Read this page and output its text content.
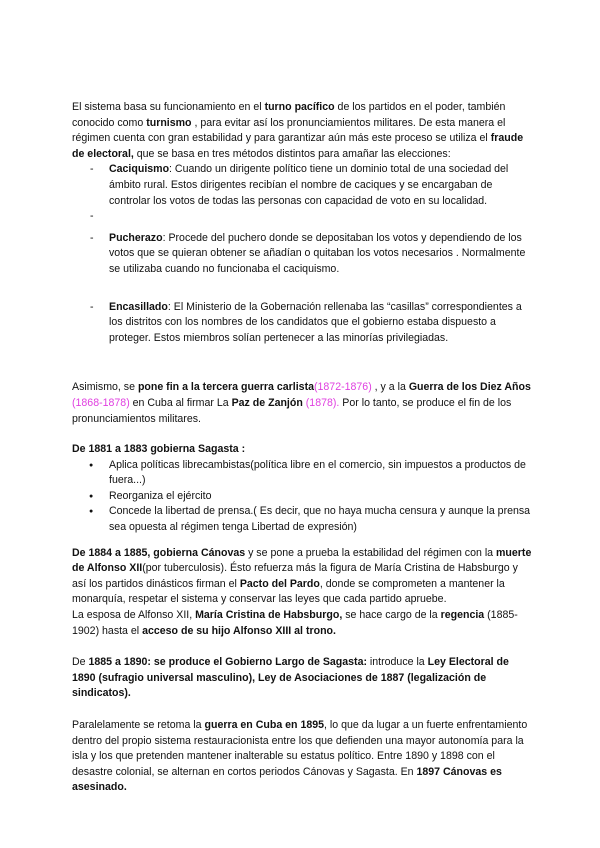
El sistema basa su funcionamiento en el turno pacífico de los partidos en el poder, también conocido como turnismo , para evitar así los pronunciamientos militares. De esta manera el régimen cuenta con gran estabilidad y para garantizar aún más este proceso se utiliza el fraude de electoral, que se basa en tres métodos distintos para amañar las elecciones:

- Caciquismo: Cuando un dirigente político tiene un dominio total de una sociedad del ámbito rural. Estos dirigentes recibían el nombre de caciques y se encargaban de controlar los votos de todas las personas con capacidad de voto en su localidad.
-
- Pucherazo: Procede del puchero donde se depositaban los votos y dependiendo de los votos que se quieran obtener se añadían o quitaban los votos necesarios . Normalmente se utilizaba cuando no funcionaba el caciquismo.
- Encasillado: El Ministerio de la Gobernación rellenaba las “casillas” correspondientes a los distritos con los nombres de los candidatos que el gobierno estaba dispuesto a proteger. Estos miembros solían pertenecer a las minorías privilegiadas.

Asimismo, se pone fin a la tercera guerra carlista(1872-1876) , y a la Guerra de los Diez Años (1868-1878) en Cuba al firmar La Paz de Zanjón (1878). Por lo tanto, se produce el fin de los pronunciamientos militares.

De 1881 a 1883 gobierna Sagasta :

● Aplica políticas librecambistas(política libre en el comercio, sin impuestos a productos de fuera...)
● Reorganiza el ejército
● Concede la libertad de prensa.( Es decir, que no haya mucha censura y aunque la prensa sea opuesta al régimen tenga Libertad de expresión)

De 1884 a 1885, gobierna Cánovas y se pone a prueba la estabilidad del régimen con la muerte de Alfonso XII(por tuberculosis). Ésto refuerza más la figura de María Cristina de Habsburgo y así los partidos dinásticos firman el Pacto del Pardo, donde se comprometen a mantener la monarquía, respetar el sistema y conservar las leyes que cada partido apruebe.

La esposa de Alfonso XII, María Cristina de Habsburgo, se hace cargo de la regencia (1885-1902) hasta el acceso de su hijo Alfonso XIII al trono.

De 1885 a 1890: se produce el Gobierno Largo de Sagasta: introduce la Ley Electoral de 1890 (sufragio universal masculino), Ley de Asociaciones de 1887 (legalización de sindicatos).

Paralelamente se retoma la guerra en Cuba en 1895, lo que da lugar a un fuerte enfrentamiento dentro del propio sistema restauracionista entre los que defienden una mayor autonomía para la isla y los que pretenden mantener inalterable su estatus político. Entre 1890 y 1898 con el desastre colonial, se alternan en cortos periodos Cánovas y Sagasta. En 1897 Cánovas es asesinado.
